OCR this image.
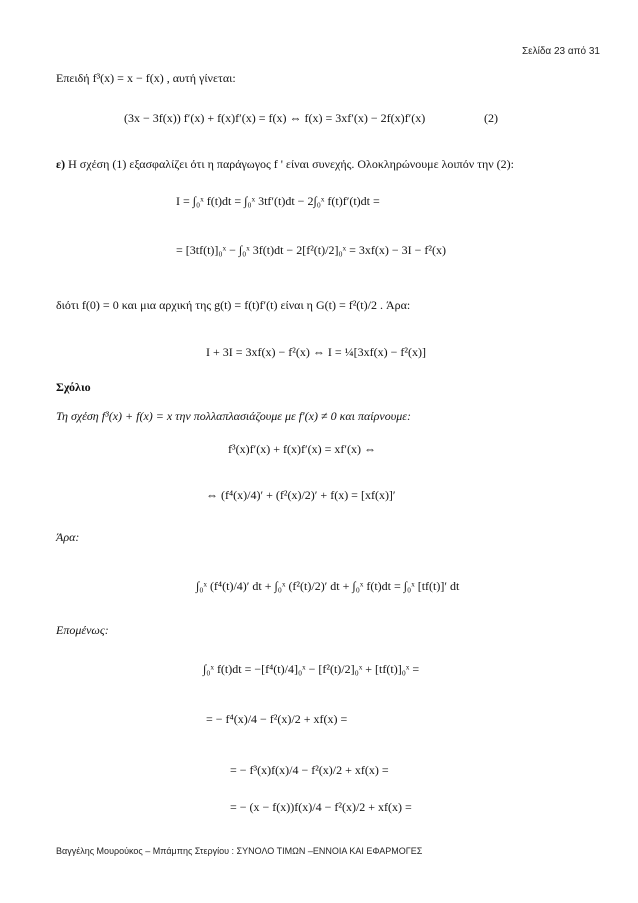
Σελίδα 23 από 31
Επειδή f³(x) = x − f(x) , αυτή γίνεται:
(3x − 3f(x)) f′(x) + f(x)f′(x) = f(x) ⇔ f(x) = 3xf′(x) − 2f(x)f′(x)	(2)
ε) Η σχέση (1) εξασφαλίζει ότι η παράγωγος f ' είναι συνεχής. Ολοκληρώνουμε λοιπόν την (2):
I = ∫₀ˣ f(t)dt = ∫₀ˣ 3tf′(t)dt − 2∫₀ˣ f(t)f′(t)dt =
= [3tf(t)]₀ˣ − ∫₀ˣ 3f(t)dt − 2[f²(t)/2]₀ˣ = 3xf(x) − 3I − f²(x)
διότι f(0) = 0 και μια αρχική της g(t) = f(t)f′(t) είναι η G(t) = f²(t)/2 . Άρα:
I + 3I = 3xf(x) − f²(x) ⇔ I = ¼[3xf(x) − f²(x)]
Σχόλιο
Τη σχέση f³(x) + f(x) = x την πολλαπλασιάζουμε με f′(x) ≠ 0 και παίρνουμε:
f³(x)f′(x) + f(x)f′(x) = xf′(x) ⇔
⇔ (f⁴(x)/4)′ + (f²(x)/2)′ + f(x) = [xf(x)]′
Άρα:
∫₀ˣ (f⁴(t)/4)′ dt + ∫₀ˣ (f²(t)/2)′ dt + ∫₀ˣ f(t)dt = ∫₀ˣ [tf(t)]′ dt
Επομένως:
∫₀ˣ f(t)dt = −[f⁴(t)/4]₀ˣ − [f²(t)/2]₀ˣ + [tf(t)]₀ˣ =
= − f⁴(x)/4 − f²(x)/2 + xf(x) =
= − f³(x)f(x)/4 − f²(x)/2 + xf(x) =
= − (x − f(x))f(x)/4 − f²(x)/2 + xf(x) =
Βαγγέλης Μουρούκος – Μπάμπης Στεργίου : ΣΥΝΟΛΟ ΤΙΜΩΝ –ΕΝΝΟΙΑ ΚΑΙ ΕΦΑΡΜΟΓΕΣ
